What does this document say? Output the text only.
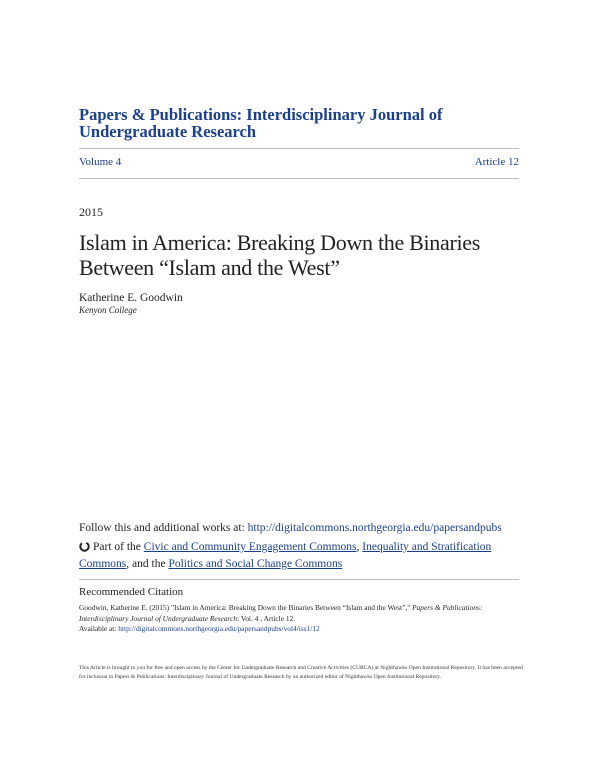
Papers & Publications: Interdisciplinary Journal of Undergraduate Research
Volume 4	Article 12
2015
Islam in America: Breaking Down the Binaries
Between “Islam and the West”
Katherine E. Goodwin
Kenyon College
Follow this and additional works at: http://digitalcommons.northgeorgia.edu/papersandpubs
Part of the Civic and Community Engagement Commons, Inequality and Stratification
Commons, and the Politics and Social Change Commons
Recommended Citation
Goodwin, Katherine E. (2015) "Islam in America: Breaking Down the Binaries Between “Islam and the West”," Papers & Publications:
Interdisciplinary Journal of Undergraduate Research: Vol. 4 , Article 12.
Available at: http://digitalcommons.northgeorgia.edu/papersandpubs/vol4/iss1/12
This Article is brought to you for free and open access by the Center for Undergraduate Research and Creative Activities (CURCA) at Nighthawks Open Institutional Repository. It has been accepted for inclusion in Papers & Publications: Interdisciplinary Journal of Undergraduate Research by an authorized editor of Nighthawks Open Institutional Repository.
